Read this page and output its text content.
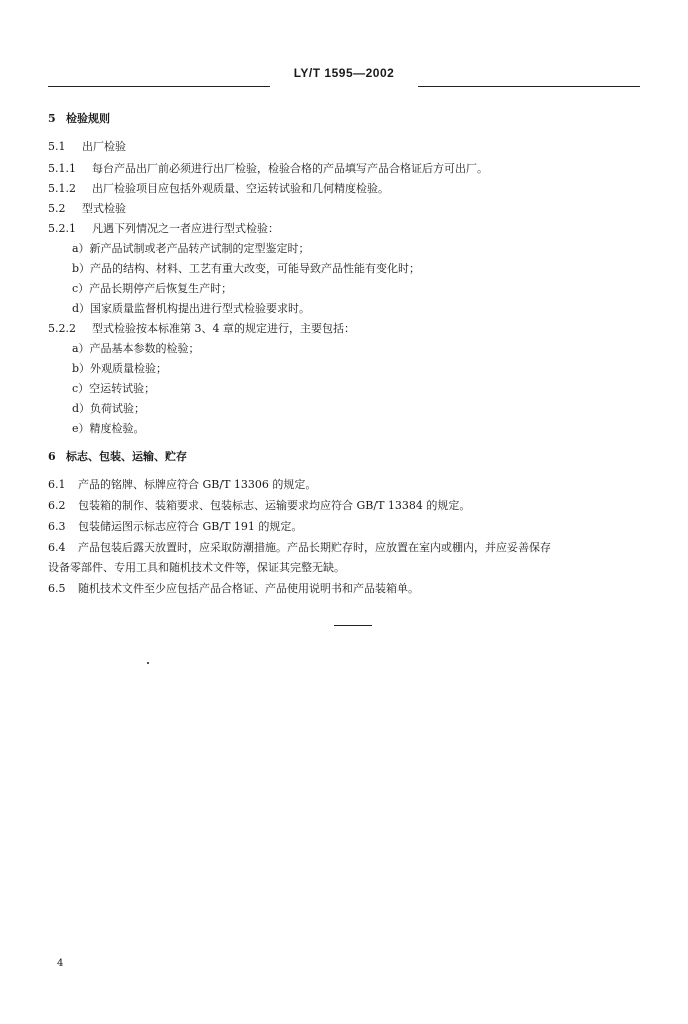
LY/T 1595—2002
5 检验规则
5.1 出厂检验
5.1.1 每台产品出厂前必须进行出厂检验，检验合格的产品填写产品合格证后方可出厂。
5.1.2 出厂检验项目应包括外观质量、空运转试验和几何精度检验。
5.2 型式检验
5.2.1 凡遇下列情况之一者应进行型式检验：
a）新产品试制或老产品转产试制的定型鉴定时；
b）产品的结构、材料、工艺有重大改变，可能导致产品性能有变化时；
c）产品长期停产后恢复生产时；
d）国家质量监督机构提出进行型式检验要求时。
5.2.2 型式检验按本标准第 3、4 章的规定进行，主要包括：
a）产品基本参数的检验；
b）外观质量检验；
c）空运转试验；
d）负荷试验；
e）精度检验。
6 标志、包装、运输、贮存
6.1 产品的铭牌、标牌应符合 GB/T 13306 的规定。
6.2 包装箱的制作、装箱要求、包装标志、运输要求均应符合 GB/T 13384 的规定。
6.3 包装储运图示标志应符合 GB/T 191 的规定。
6.4 产品包装后露天放置时，应采取防潮措施。产品长期贮存时，应放置在室内或棚内，并应妥善保存
设备零部件、专用工具和随机技术文件等，保证其完整无缺。
6.5 随机技术文件至少应包括产品合格证、产品使用说明书和产品装箱单。
4
